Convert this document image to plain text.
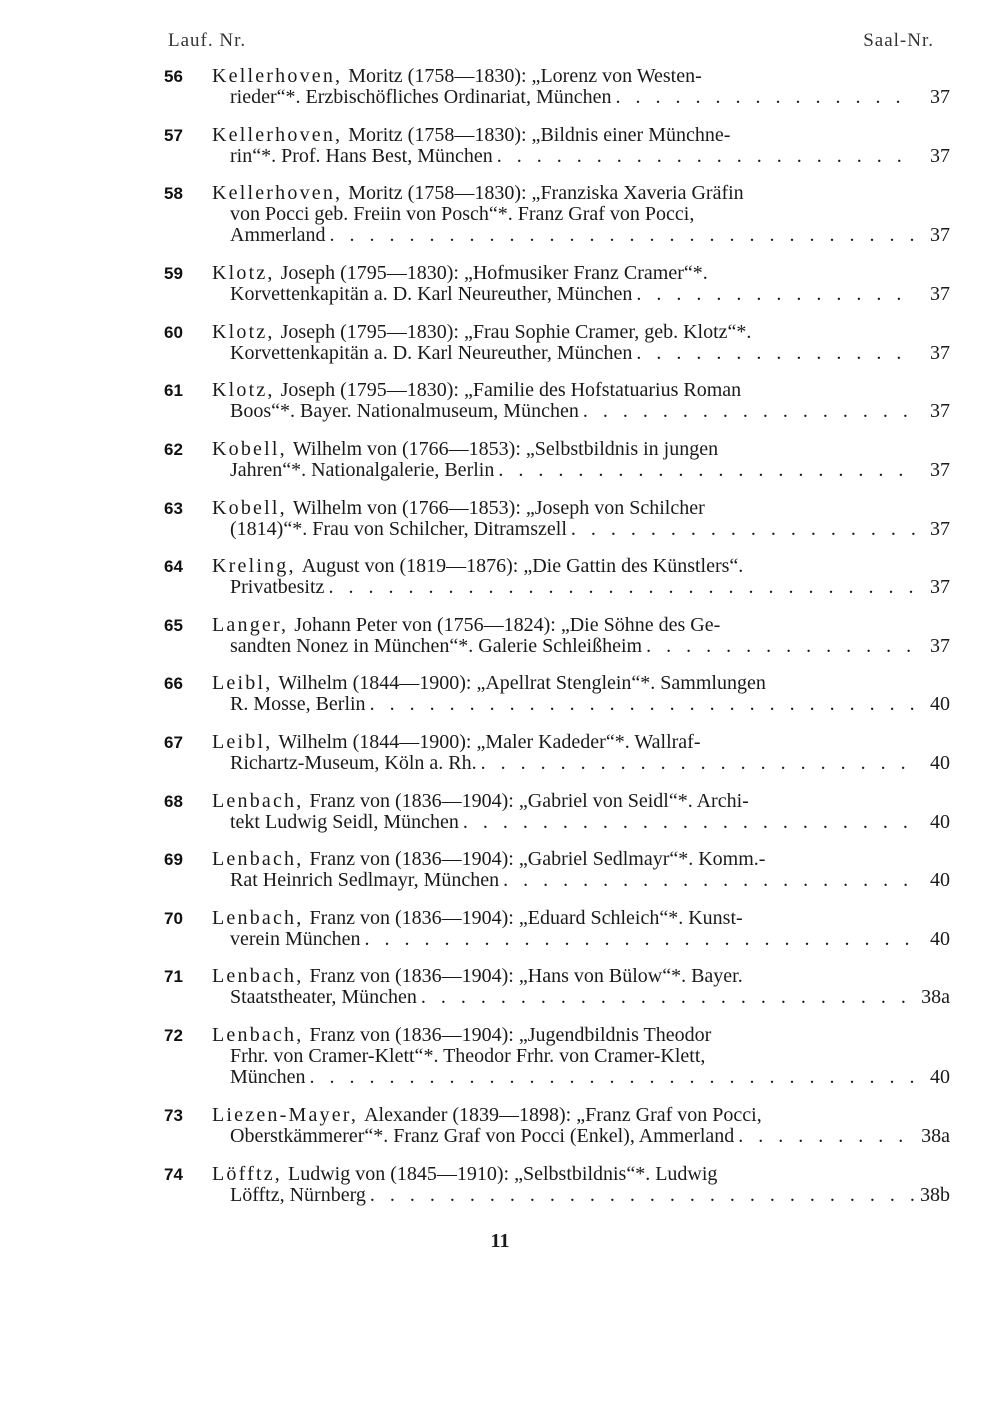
Lauf. Nr.	Saal-Nr.
56	Kellerhoven, Moritz (1758—1830): „Lorenz von Westen-
rieder“*. Erzbischöfliches Ordinariat, München . . .	37
57	Kellerhoven, Moritz (1758—1830): „Bildnis einer Münchne-
rin“*. Prof. Hans Best, München . . .	37
58	Kellerhoven, Moritz (1758—1830): „Franziska Xaveria Gräfin
von Pocci geb. Freiin von Posch“*. Franz Graf von Pocci,
Ammerland . . .	37
59	Klotz, Joseph (1795—1830): „Hofmusiker Franz Cramer“*.
Korvettenkapitän a. D. Karl Neureuther, München . . .	37
60	Klotz, Joseph (1795—1830): „Frau Sophie Cramer, geb. Klotz“*.
Korvettenkapitän a. D. Karl Neureuther, München . . .	37
61	Klotz, Joseph (1795—1830): „Familie des Hofstatuarius Roman
Boos“*. Bayer. Nationalmuseum, München . . .	37
62	Kobell, Wilhelm von (1766—1853): „Selbstbildnis in jungen
Jahren“*. Nationalgalerie, Berlin . . .	37
63	Kobell, Wilhelm von (1766—1853): „Joseph von Schilcher
(1814)“*. Frau von Schilcher, Ditramszell . . .	37
64	Kreling, August von (1819—1876): „Die Gattin des Künstlers“.
Privatbesitz . . .	37
65	Langer, Johann Peter von (1756—1824): „Die Söhne des Ge-
sandten Nonez in München“*. Galerie Schleißheim . . .	37
66	Leibl, Wilhelm (1844—1900): „Apellrat Stenglein“*. Sammlungen
R. Mosse, Berlin . . .	40
67	Leibl, Wilhelm (1844—1900): „Maler Kadeder“*. Wallraf-
Richartz-Museum, Köln a. Rh. . . .	40
68	Lenbach, Franz von (1836—1904): „Gabriel von Seidl“*. Archi-
tekt Ludwig Seidl, München . . .	40
69	Lenbach, Franz von (1836—1904): „Gabriel Sedlmayr“*. Komm.-
Rat Heinrich Sedlmayr, München . . .	40
70	Lenbach, Franz von (1836—1904): „Eduard Schleich“*. Kunst-
verein München . . .	40
71	Lenbach, Franz von (1836—1904): „Hans von Bülow“*. Bayer.
Staatstheater, München . . .	38a
72	Lenbach, Franz von (1836—1904): „Jugendbildnis Theodor
Frhr. von Cramer-Klett“*. Theodor Frhr. von Cramer-Klett,
München . . .	40
73	Liezen-Mayer, Alexander (1839—1898): „Franz Graf von Pocci,
Oberstkämmerer“*. Franz Graf von Pocci (Enkel), Ammerland . . .	38a
74	Löfftz, Ludwig von (1845—1910): „Selbstbildnis“*. Ludwig
Löfftz, Nürnberg . . .	38b
11
